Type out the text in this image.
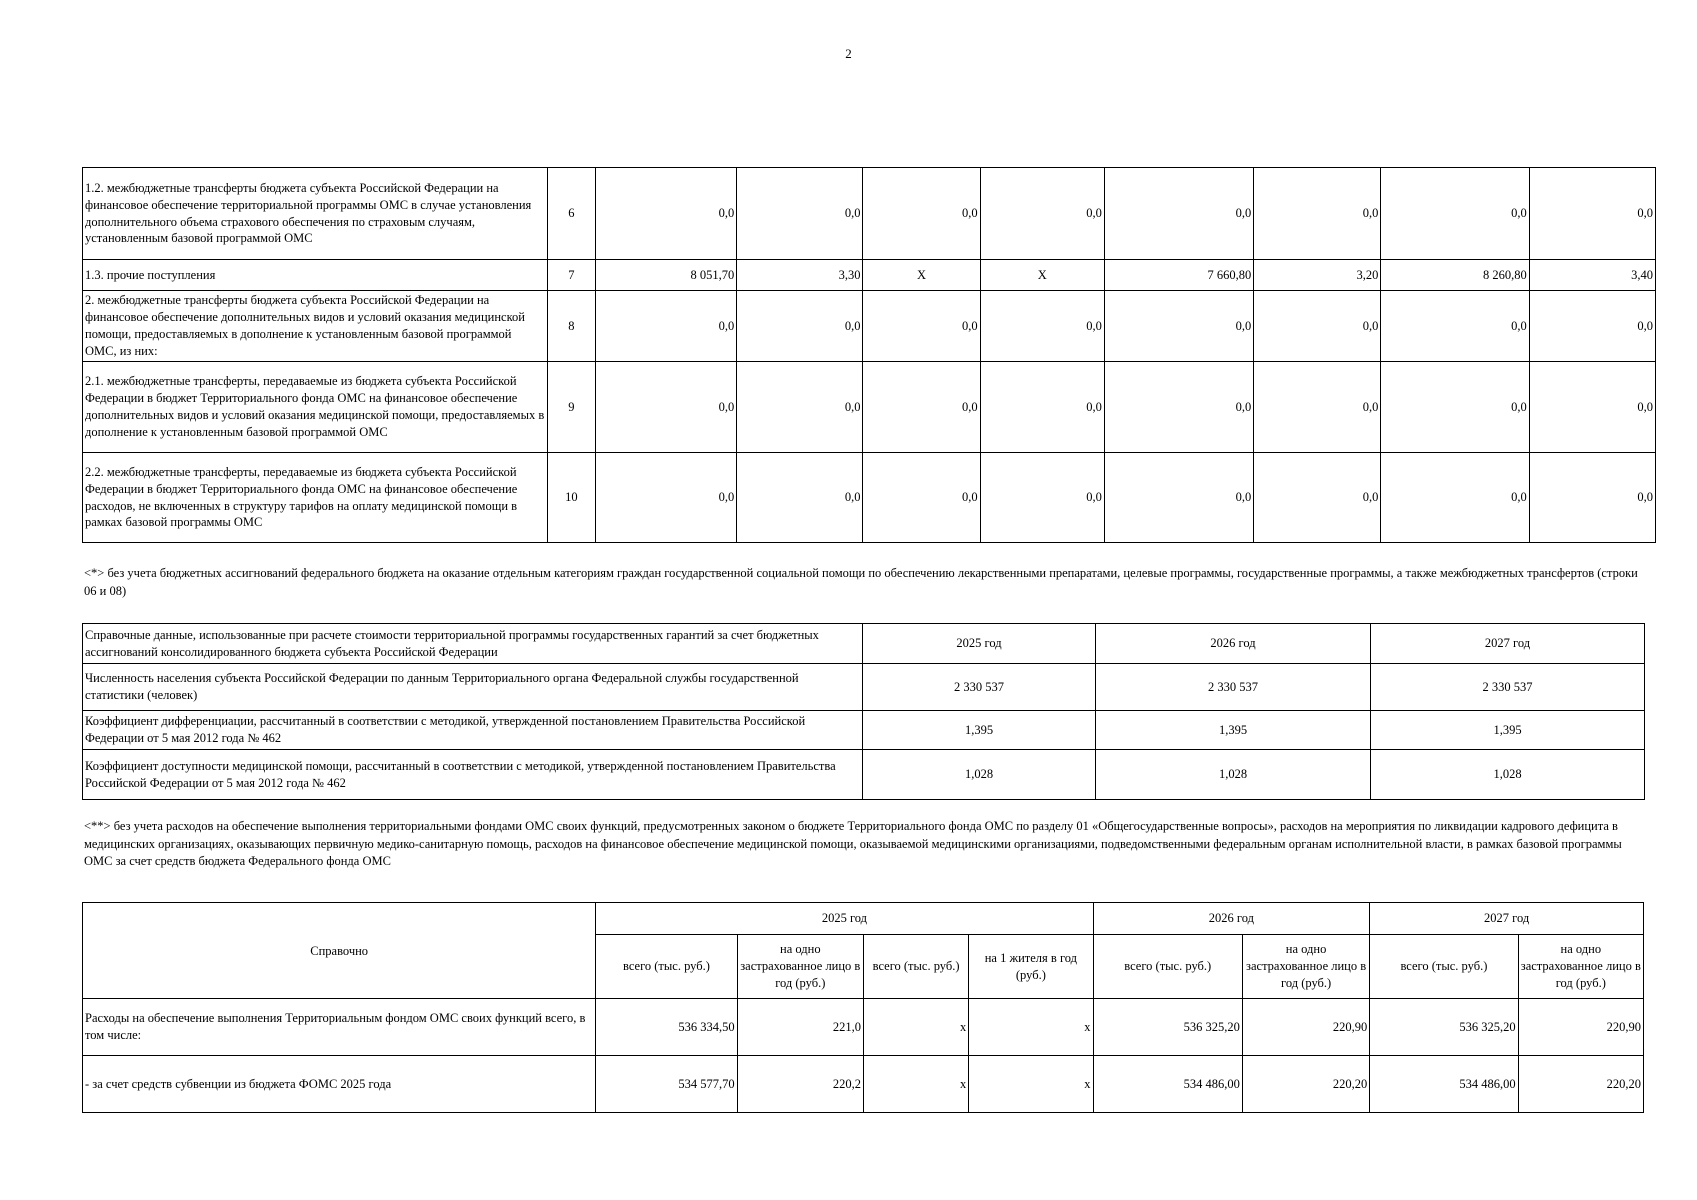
2
1.2. межбюджетные трансферты бюджета субъекта Российской Федерации на финансовое обеспечение территориальной программы ОМС в случае установления дополнительного объема страхового обеспечения по страховым случаям, установленным базовой программой ОМС	6	0,0	0,0	0,0	0,0	0,0	0,0	0,0	0,0
1.3. прочие поступления	7	8 051,70	3,30	X	X	7 660,80	3,20	8 260,80	3,40
2. межбюджетные трансферты бюджета субъекта Российской Федерации на финансовое обеспечение дополнительных видов и условий оказания медицинской помощи, предоставляемых в дополнение к установленным базовой программой ОМС, из них:	8	0,0	0,0	0,0	0,0	0,0	0,0	0,0	0,0
2.1. межбюджетные трансферты, передаваемые из бюджета субъекта Российской Федерации в бюджет Территориального фонда ОМС на финансовое обеспечение дополнительных видов и условий оказания медицинской помощи, предоставляемых в дополнение к установленным базовой программой ОМС	9	0,0	0,0	0,0	0,0	0,0	0,0	0,0	0,0
2.2. межбюджетные трансферты, передаваемые из бюджета субъекта Российской Федерации в бюджет Территориального фонда ОМС на финансовое обеспечение расходов, не включенных в структуру тарифов на оплату медицинской помощи в рамках базовой программы ОМС	10	0,0	0,0	0,0	0,0	0,0	0,0	0,0	0,0
<*> без учета бюджетных ассигнований федерального бюджета на оказание отдельным категориям граждан государственной социальной помощи по обеспечению лекарственными препаратами, целевые программы, государственные программы, а также межбюджетных трансфертов (строки 06 и 08)
Справочные данные, использованные при расчете стоимости территориальной программы государственных гарантий за счет бюджетных ассигнований консолидированного бюджета субъекта Российской Федерации	2025 год	2026 год	2027 год
Численность населения субъекта Российской Федерации по данным Территориального органа Федеральной службы государственной статистики (человек)	2 330 537	2 330 537	2 330 537
Коэффициент дифференциации, рассчитанный в соответствии с методикой, утвержденной постановлением Правительства Российской Федерации от 5 мая 2012 года № 462	1,395	1,395	1,395
Коэффициент доступности медицинской помощи, рассчитанный в соответствии с методикой, утвержденной постановлением Правительства Российской Федерации от 5 мая 2012 года № 462	1,028	1,028	1,028
<**> без учета расходов на обеспечение выполнения территориальными фондами ОМС своих функций, предусмотренных законом о бюджете Территориального фонда ОМС по разделу 01 «Общегосударственные вопросы», расходов на мероприятия по ликвидации кадрового дефицита в медицинских организациях, оказывающих первичную медико-санитарную помощь, расходов на финансовое обеспечение медицинской помощи, оказываемой медицинскими организациями, подведомственными федеральным органам исполнительной власти, в рамках базовой программы ОМС за счет средств бюджета Федерального фонда ОМС
Справочно	2025 год				2026 год		2027 год	
	всего (тыс. руб.)	на одно застрахованное лицо в год (руб.)	всего (тыс. руб.)	на 1 жителя в год (руб.)	всего (тыс. руб.)	на одно застрахованное лицо в год (руб.)	всего (тыс. руб.)	на одно застрахованное лицо в год (руб.)
Расходы на обеспечение выполнения Территориальным фондом ОМС своих функций всего, в том числе:	536 334,50	221,0	x	x	536 325,20	220,90	536 325,20	220,90
- за счет средств субвенции из бюджета ФОМС 2025 года	534 577,70	220,2	x	x	534 486,00	220,20	534 486,00	220,20
